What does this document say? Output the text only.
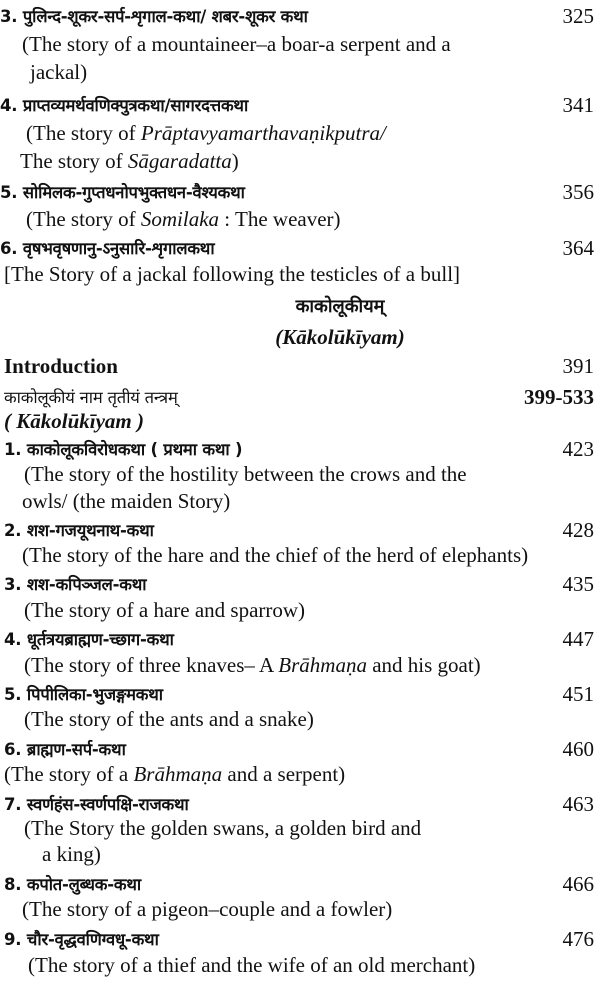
3. पुलिन्द-शूकर-सर्प-शृगाल-कथा/ शबर-शूकर कथा	325
(The story of a mountaineer–a boar-a serpent and a
jackal)
4. प्राप्तव्यमर्थवणिक्पुत्रकथा/सागरदत्तकथा	341
(The story of Prāptavyamarthavaṇikputra/
The story of Sāgaradatta)
5. सोमिलक-गुप्तधनोपभुक्तधन-वैश्यकथा	356
(The story of Somilaka : The weaver)
6. वृषभवृषणानु-ऽनुसारि-शृगालकथा	364
[The Story of a jackal following the testicles of a bull]
काकोलूकीयम्
(Kākolūkīyam)
Introduction	391
काकोलूकीयं नाम तृतीयं तन्त्रम्	399-533
( Kākolūkīyam )
1. काकोलूकविरोधकथा ( प्रथमा कथा )	423
(The story of the hostility between the crows and the
owls/ (the maiden Story)
2. शश-गजयूथनाथ-कथा	428
(The story of the hare and the chief of the herd of elephants)
3. शश-कपिञ्जल-कथा	435
(The story of a hare and sparrow)
4. धूर्तत्रयब्राह्मण-च्छाग-कथा	447
(The story of three knaves– A Brāhmaṇa and his goat)
5. पिपीलिका-भुजङ्गमकथा	451
(The story of the ants and a snake)
6. ब्राह्मण-सर्प-कथा	460
(The story of a Brāhmaṇa and a serpent)
7. स्वर्णहंस-स्वर्णपक्षि-राजकथा	463
(The Story the golden swans, a golden bird and
a king)
8. कपोत-लुब्धक-कथा	466
(The story of a pigeon–couple and a fowler)
9. चौर-वृद्धवणिग्वधू-कथा	476
(The story of a thief and the wife of an old merchant)
